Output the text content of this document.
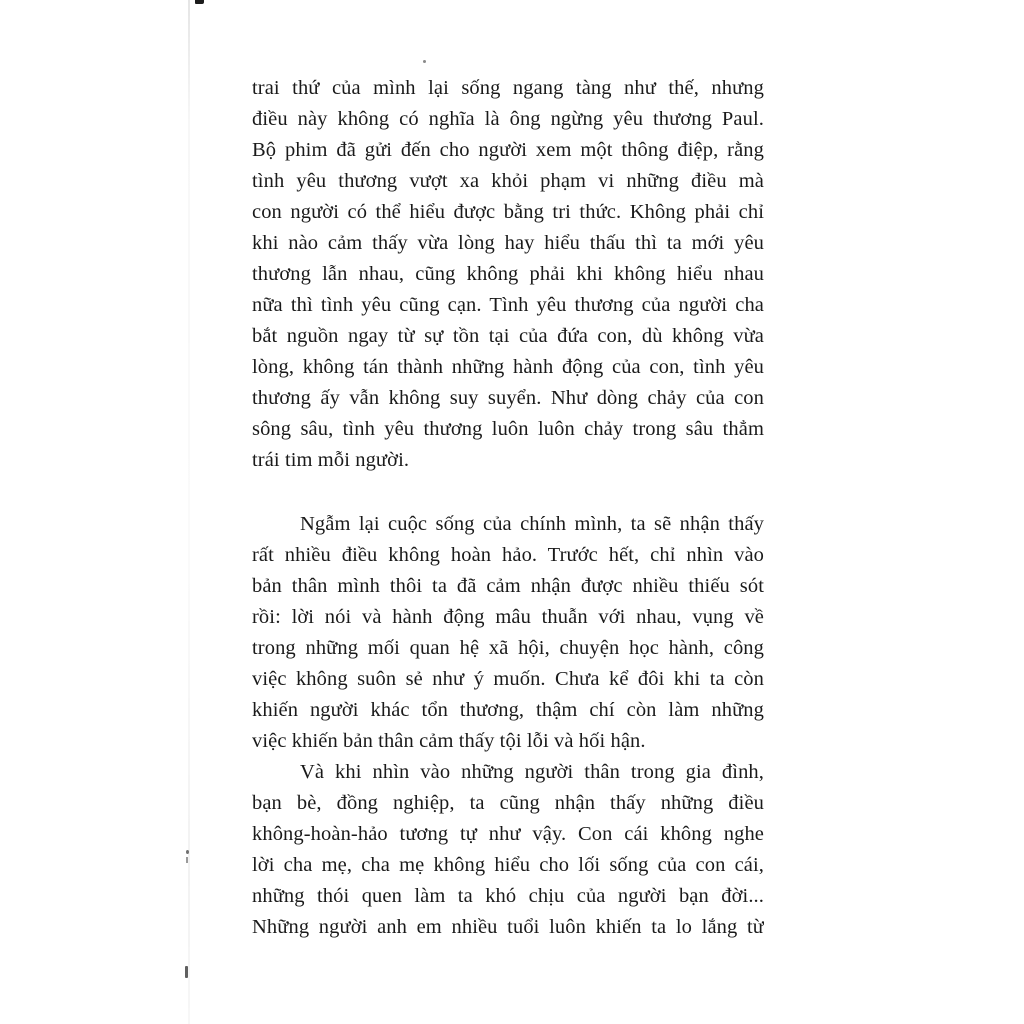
trai thứ của mình lại sống ngang tàng như thế, nhưng
điều này không có nghĩa là ông ngừng yêu thương Paul.
Bộ phim đã gửi đến cho người xem một thông điệp, rằng
tình yêu thương vượt xa khỏi phạm vi những điều mà
con người có thể hiểu được bằng tri thức. Không phải chỉ
khi nào cảm thấy vừa lòng hay hiểu thấu thì ta mới yêu
thương lẫn nhau, cũng không phải khi không hiểu nhau
nữa thì tình yêu cũng cạn. Tình yêu thương của người cha
bắt nguồn ngay từ sự tồn tại của đứa con, dù không vừa
lòng, không tán thành những hành động của con, tình yêu
thương ấy vẫn không suy suyển. Như dòng chảy của con
sông sâu, tình yêu thương luôn luôn chảy trong sâu thẳm
trái tim mỗi người.
Ngẫm lại cuộc sống của chính mình, ta sẽ nhận thấy
rất nhiều điều không hoàn hảo. Trước hết, chỉ nhìn vào
bản thân mình thôi ta đã cảm nhận được nhiều thiếu sót
rồi: lời nói và hành động mâu thuẫn với nhau, vụng về
trong những mối quan hệ xã hội, chuyện học hành, công
việc không suôn sẻ như ý muốn. Chưa kể đôi khi ta còn
khiến người khác tổn thương, thậm chí còn làm những
việc khiến bản thân cảm thấy tội lỗi và hối hận.
Và khi nhìn vào những người thân trong gia đình,
bạn bè, đồng nghiệp, ta cũng nhận thấy những điều
không-hoàn-hảo tương tự như vậy. Con cái không nghe
lời cha mẹ, cha mẹ không hiểu cho lối sống của con cái,
những thói quen làm ta khó chịu của người bạn đời...
Những người anh em nhiều tuổi luôn khiến ta lo lắng từ
